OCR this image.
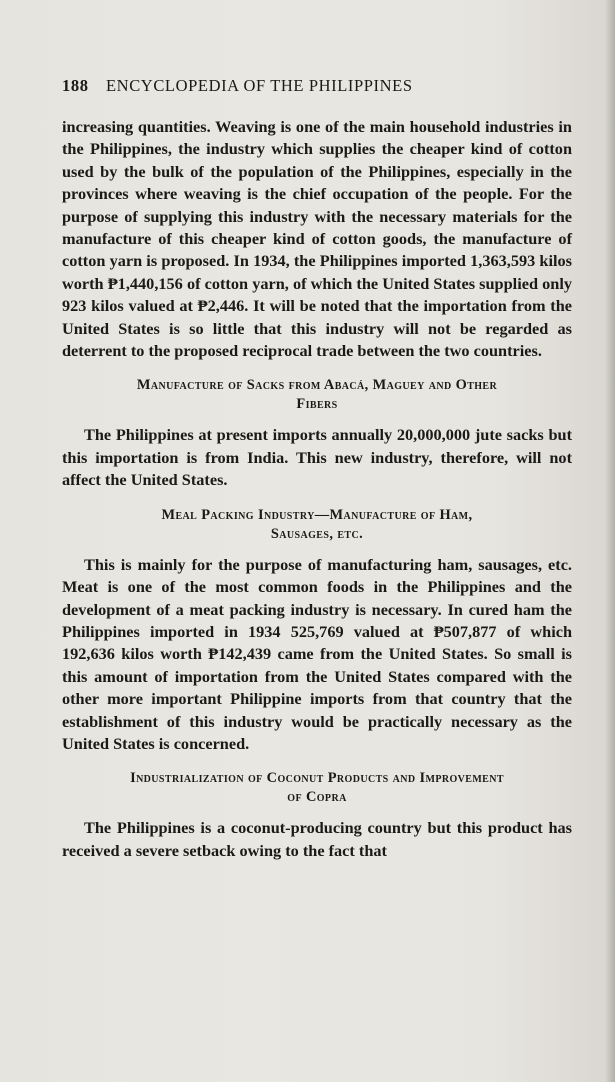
188	ENCYCLOPEDIA OF THE PHILIPPINES

increasing quantities. Weaving is one of the main household industries in the Philippines, the industry which supplies the cheaper kind of cotton used by the bulk of the population of the Philippines, especially in the provinces where weaving is the chief occupation of the people. For the purpose of supplying this industry with the necessary materials for the manufacture of this cheaper kind of cotton goods, the manufacture of cotton yarn is proposed. In 1934, the Philippines imported 1,363,593 kilos worth ₱1,440,156 of cotton yarn, of which the United States supplied only 923 kilos valued at ₱2,446. It will be noted that the importation from the United States is so little that this industry will not be regarded as deterrent to the proposed reciprocal trade between the two countries.

Manufacture of Sacks from Abacá, Maguey and Other
Fibers

The Philippines at present imports annually 20,000,000 jute sacks but this importation is from India. This new industry, therefore, will not affect the United States.

Meal Packing Industry—Manufacture of Ham,
Sausages, etc.

This is mainly for the purpose of manufacturing ham, sausages, etc. Meat is one of the most common foods in the Philippines and the development of a meat packing industry is necessary. In cured ham the Philippines imported in 1934 525,769 valued at ₱507,877 of which 192,636 kilos worth ₱142,439 came from the United States. So small is this amount of importation from the United States compared with the other more important Philippine imports from that country that the establishment of this industry would be practically necessary as the United States is concerned.

Industrialization of Coconut Products and Improvement
of Copra

The Philippines is a coconut-producing country but this product has received a severe setback owing to the fact that
